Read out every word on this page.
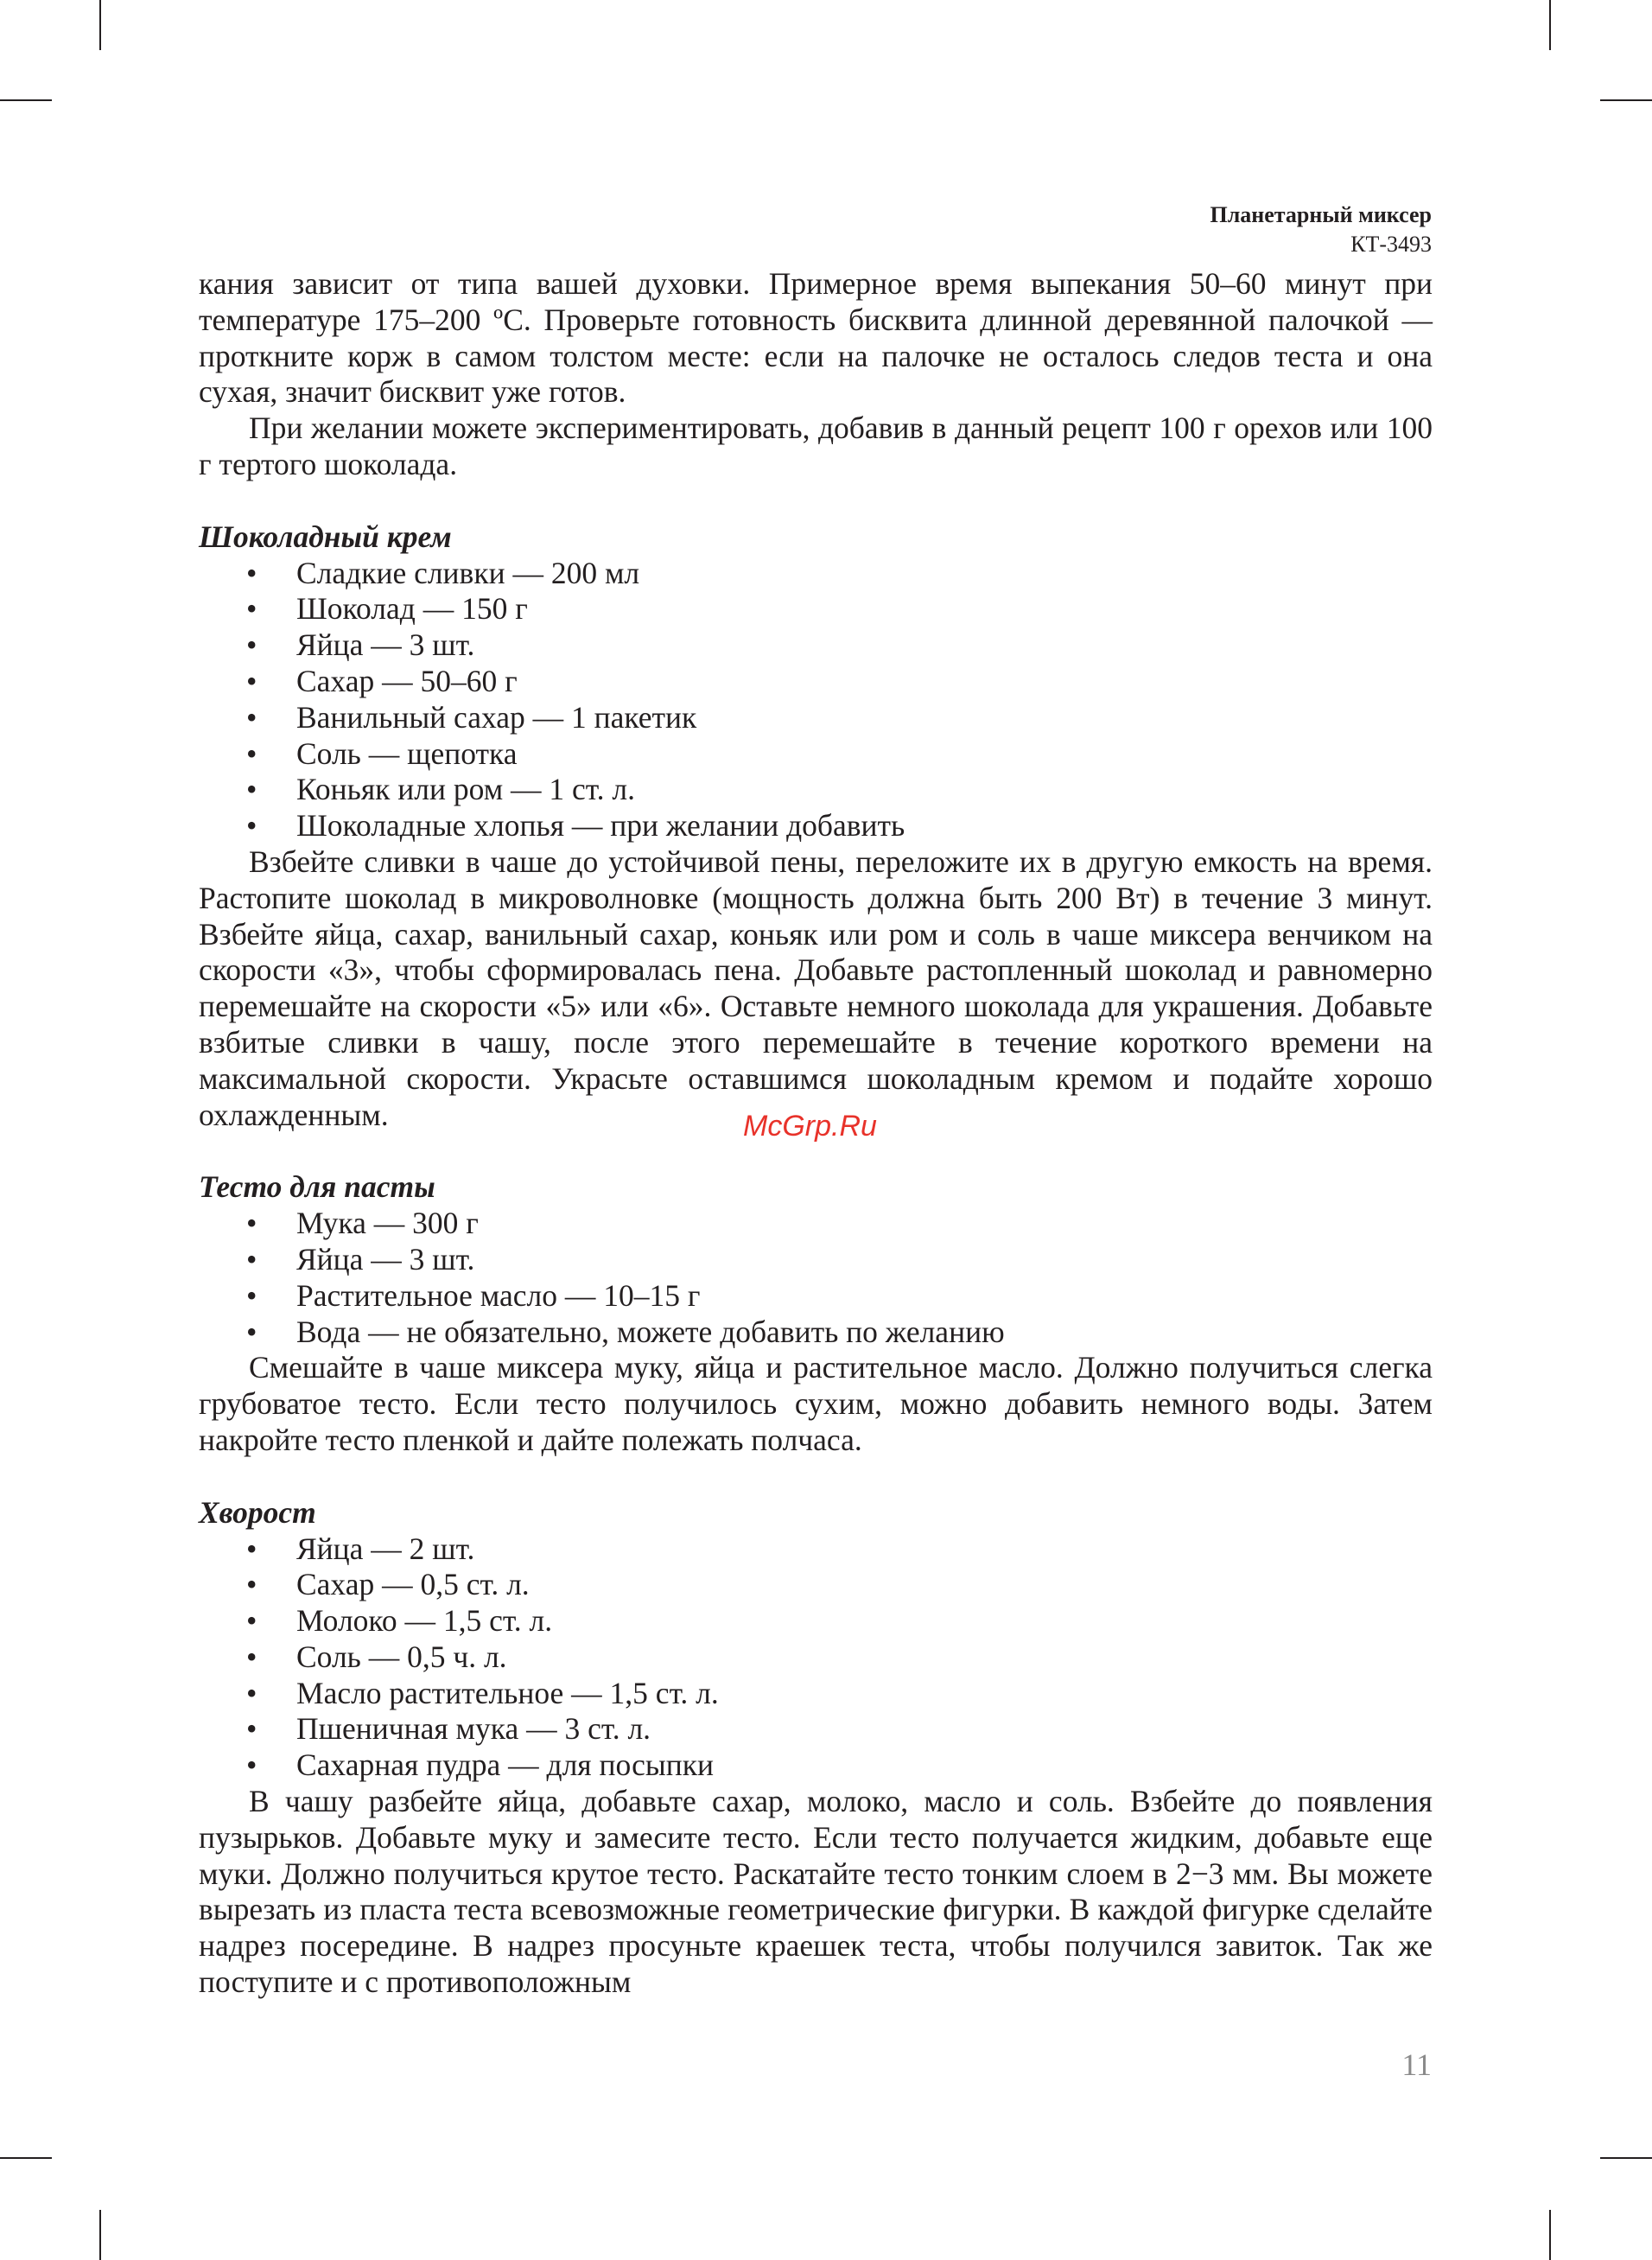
Планетарный миксер
КТ-3493

кания зависит от типа вашей духовки. Примерное время выпекания 50–60 минут при температуре 175–200 ºС. Проверьте готовность бисквита длинной деревянной палочкой — проткните корж в самом толстом месте: если на палочке не осталось следов теста и она сухая, значит бисквит уже готов.

При желании можете экспериментировать, добавив в данный рецепт 100 г орехов или 100 г тертого шоколада.

Шоколадный крем

• Сладкие сливки — 200 мл
• Шоколад — 150 г
• Яйца — 3 шт.
• Сахар — 50–60 г
• Ванильный сахар — 1 пакетик
• Соль — щепотка
• Коньяк или ром — 1 ст. л.
• Шоколадные хлопья — при желании добавить

Взбейте сливки в чаше до устойчивой пены, переложите их в другую емкость на время. Растопите шоколад в микроволновке (мощность должна быть 200 Вт) в течение 3 минут. Взбейте яйца, сахар, ванильный сахар, коньяк или ром и соль в чаше миксера венчиком на скорости «3», чтобы сформировалась пена. Добавьте растопленный шоколад и равномерно перемешайте на скорости «5» или «6». Оставьте немного шоколада для украшения. Добавьте взбитые сливки в чашу, после этого перемешайте в течение короткого времени на максимальной скорости. Украсьте оставшимся шоколадным кремом и подайте хорошо охлажденным.

Тесто для пасты

• Мука — 300 г
• Яйца — 3 шт.
• Растительное масло — 10–15 г
• Вода — не обязательно, можете добавить по желанию

Смешайте в чаше миксера муку, яйца и растительное масло. Должно получиться слегка грубоватое тесто. Если тесто получилось сухим, можно добавить немного воды. Затем накройте тесто пленкой и дайте полежать полчаса.

Хворост

• Яйца — 2 шт.
• Сахар — 0,5 ст. л.
• Молоко — 1,5 ст. л.
• Соль — 0,5 ч. л.
• Масло растительное — 1,5 ст. л.
• Пшеничная мука — 3 ст. л.
• Сахарная пудра — для посыпки

В чашу разбейте яйца, добавьте сахар, молоко, масло и соль. Взбейте до появления пузырьков. Добавьте муку и замесите тесто. Если тесто получается жидким, добавьте еще муки. Должно получиться крутое тесто. Раскатайте тесто тонким слоем в 2−3 мм. Вы можете вырезать из пласта теста всевозможные геометрические фигурки. В каждой фигурке сделайте надрез посередине. В надрез просуньте краешек теста, чтобы получился завиток. Так же поступите и с противоположным

McGrp.Ru
11
